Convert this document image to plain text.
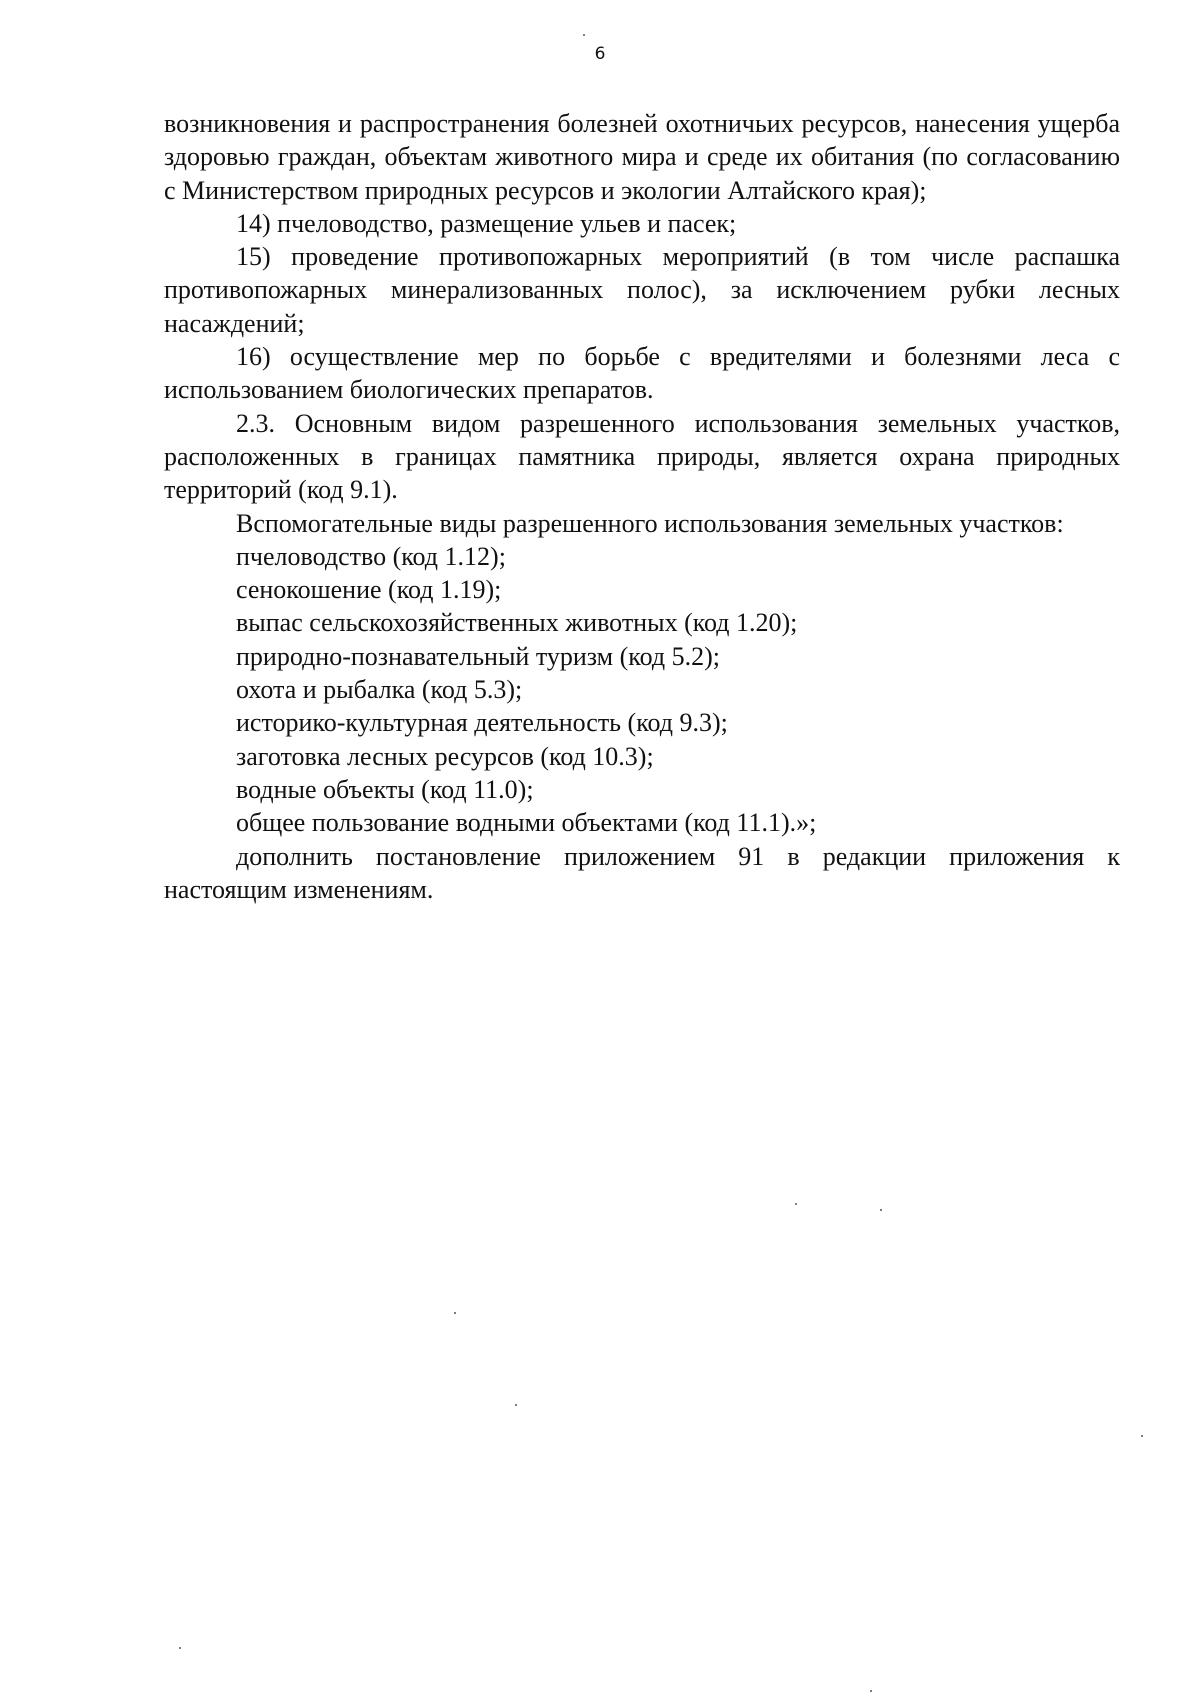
6

возникновения и распространения болезней охотничьих ресурсов, нанесения ущерба здоровью граждан, объектам животного мира и среде их обитания (по согласованию с Министерством природных ресурсов и экологии Алтайского края);

14) пчеловодство, размещение ульев и пасек;

15) проведение противопожарных мероприятий (в том числе распашка противопожарных минерализованных полос), за исключением рубки лесных насаждений;

16) осуществление мер по борьбе с вредителями и болезнями леса с использованием биологических препаратов.

2.3. Основным видом разрешенного использования земельных участков, расположенных в границах памятника природы, является охрана природных территорий (код 9.1).

Вспомогательные виды разрешенного использования земельных участков:

пчеловодство (код 1.12);

сенокошение (код 1.19);

выпас сельскохозяйственных животных (код 1.20);

природно-познавательный туризм (код 5.2);

охота и рыбалка (код 5.3);

историко-культурная деятельность (код 9.3);

заготовка лесных ресурсов (код 10.3);

водные объекты (код 11.0);

общее пользование водными объектами (код 11.1).»;

дополнить постановление приложением 91 в редакции приложения к настоящим изменениям.
